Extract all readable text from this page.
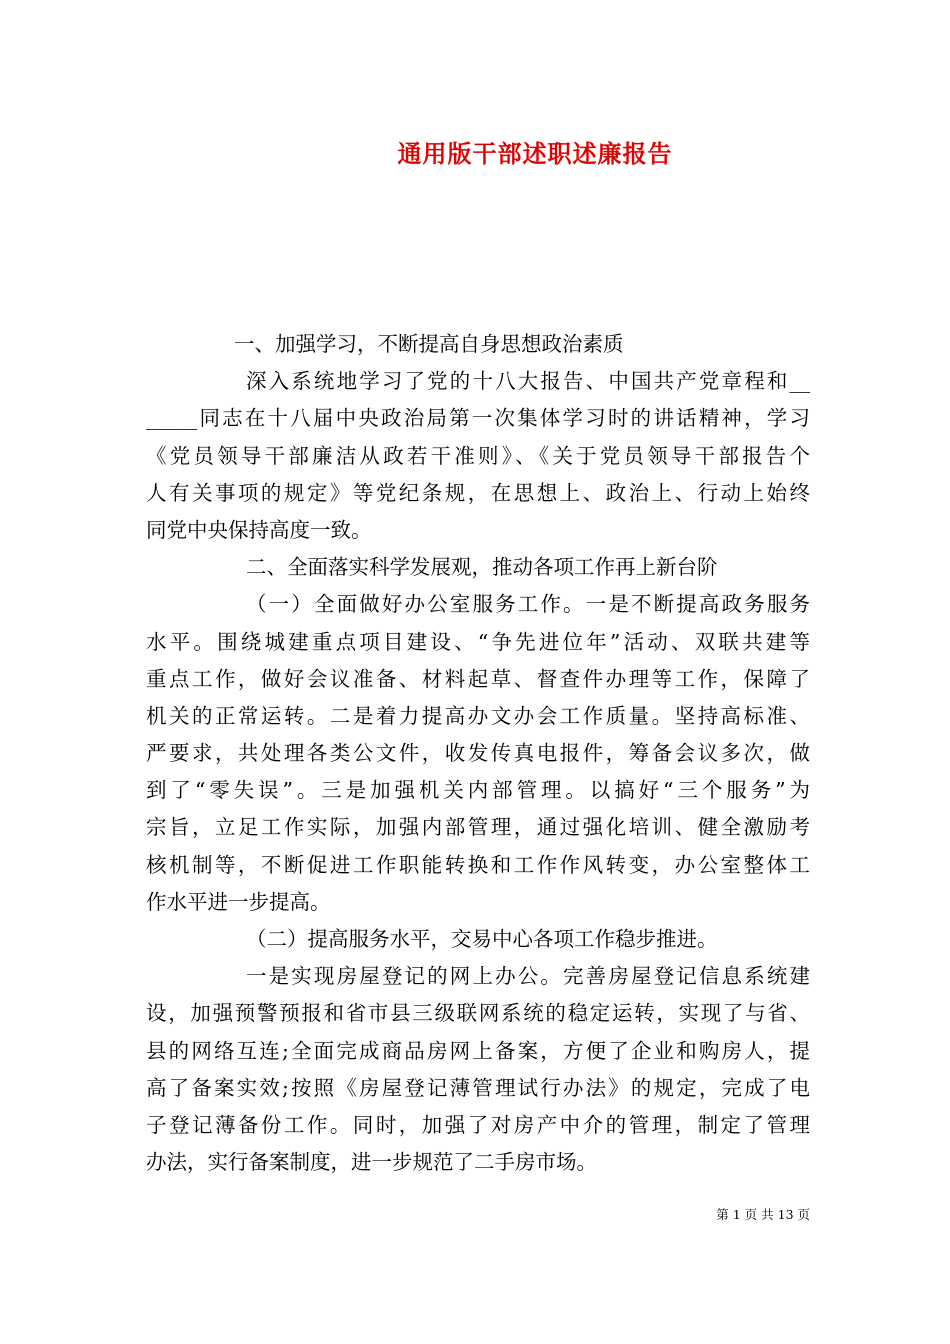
通用版干部述职述廉报告
一、加强学习，不断提高自身思想政治素质
深入系统地学习了党的十八大报告、中国共产党章程和__
_____同志在十八届中央政治局第一次集体学习时的讲话精神，学习
《党员领导干部廉洁从政若干准则》、《关于党员领导干部报告个
人有关事项的规定》等党纪条规，在思想上、政治上、行动上始终
同党中央保持高度一致。
二、全面落实科学发展观，推动各项工作再上新台阶
（一）全面做好办公室服务工作。一是不断提高政务服务
水平。围绕城建重点项目建设、“争先进位年”活动、双联共建等
重点工作，做好会议准备、材料起草、督查件办理等工作，保障了
机关的正常运转。二是着力提高办文办会工作质量。坚持高标准、
严要求，共处理各类公文件，收发传真电报件，筹备会议多次，做
到了“零失误”。三是加强机关内部管理。以搞好“三个服务”为
宗旨，立足工作实际，加强内部管理，通过强化培训、健全激励考
核机制等，不断促进工作职能转换和工作作风转变，办公室整体工
作水平进一步提高。
（二）提高服务水平，交易中心各项工作稳步推进。
一是实现房屋登记的网上办公。完善房屋登记信息系统建
设，加强预警预报和省市县三级联网系统的稳定运转，实现了与省、
县的网络互连;全面完成商品房网上备案，方便了企业和购房人，提
高了备案实效;按照《房屋登记薄管理试行办法》的规定，完成了电
子登记薄备份工作。同时，加强了对房产中介的管理，制定了管理
办法，实行备案制度，进一步规范了二手房市场。
第 1 页 共 13 页
